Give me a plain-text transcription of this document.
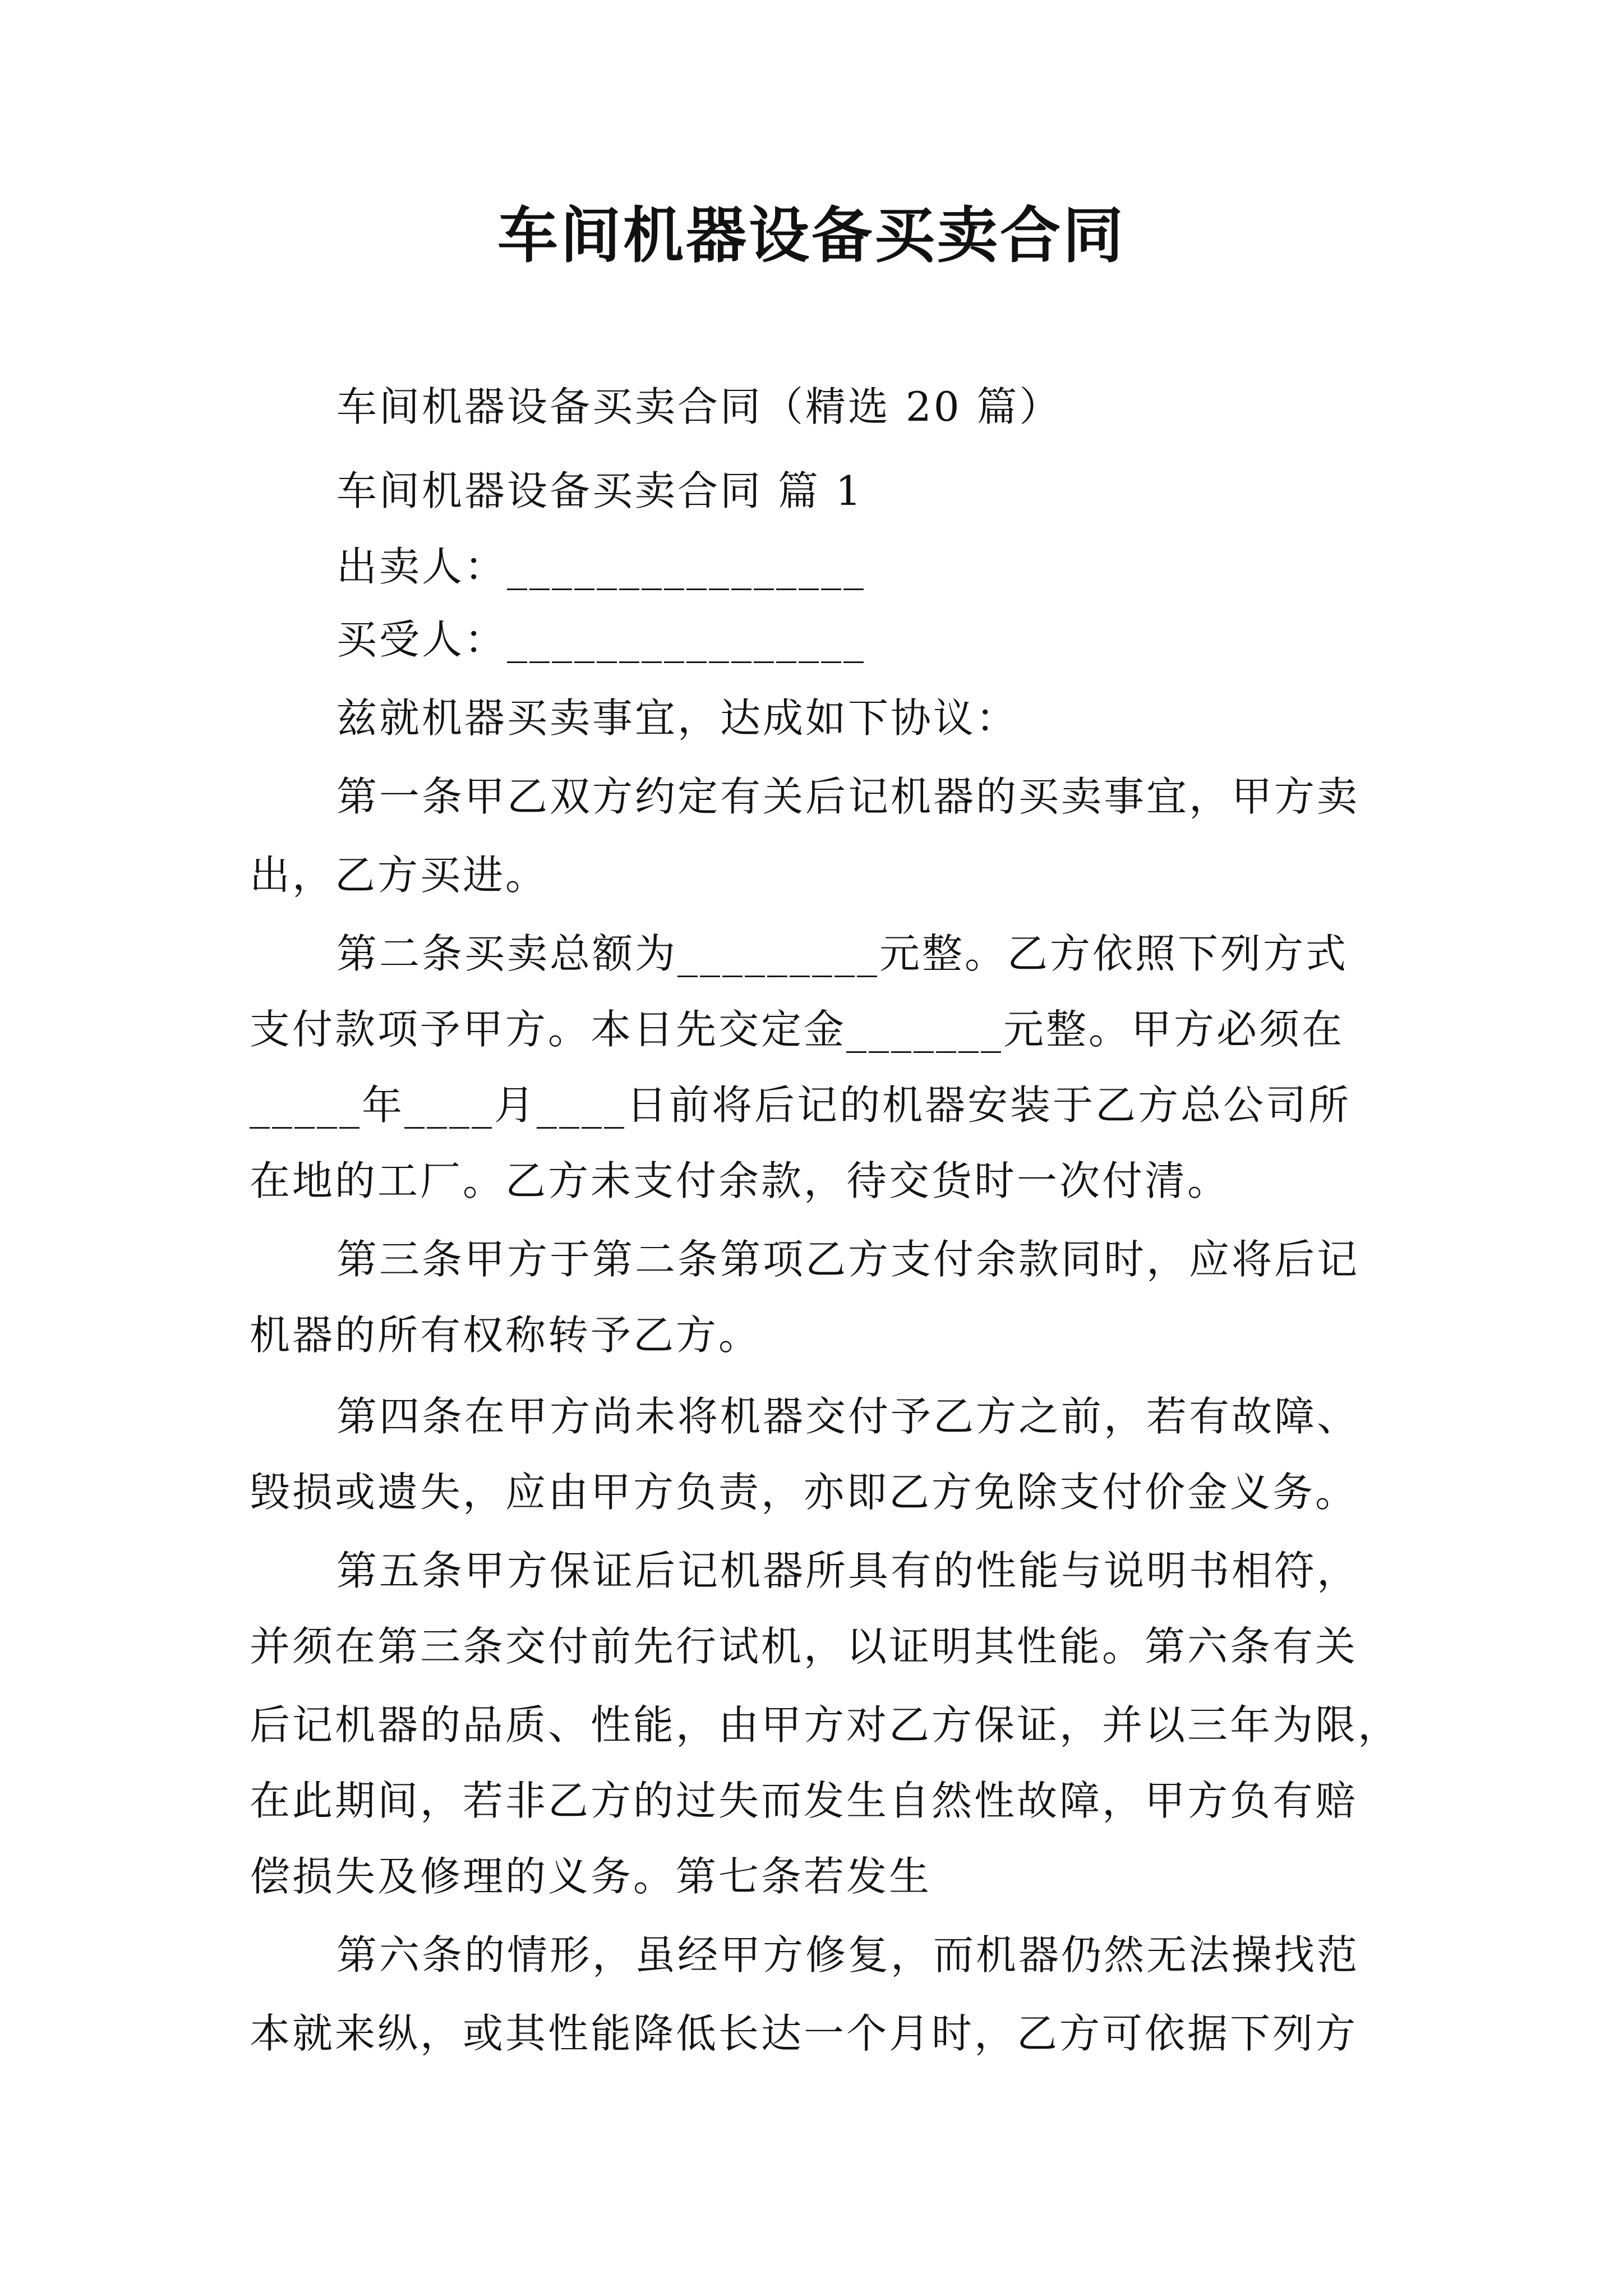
车间机器设备买卖合同
车间机器设备买卖合同（精选 20 篇）
车间机器设备买卖合同 篇 1
出卖人：________________
买受人：________________
兹就机器买卖事宜，达成如下协议：
第一条甲乙双方约定有关后记机器的买卖事宜，甲方卖
出，乙方买进。
第二条买卖总额为_________元整。乙方依照下列方式
支付款项予甲方。本日先交定金_______元整。甲方必须在
_____年____月____日前将后记的机器安装于乙方总公司所
在地的工厂。乙方未支付余款，待交货时一次付清。
第三条甲方于第二条第项乙方支付余款同时，应将后记
机器的所有权称转予乙方。
第四条在甲方尚未将机器交付予乙方之前，若有故障、
毁损或遗失，应由甲方负责，亦即乙方免除支付价金义务。
第五条甲方保证后记机器所具有的性能与说明书相符，
并须在第三条交付前先行试机，以证明其性能。第六条有关
后记机器的品质、性能，由甲方对乙方保证，并以三年为限，
在此期间，若非乙方的过失而发生自然性故障，甲方负有赔
偿损失及修理的义务。第七条若发生
第六条的情形，虽经甲方修复，而机器仍然无法操找范
本就来纵，或其性能降低长达一个月时，乙方可依据下列方
